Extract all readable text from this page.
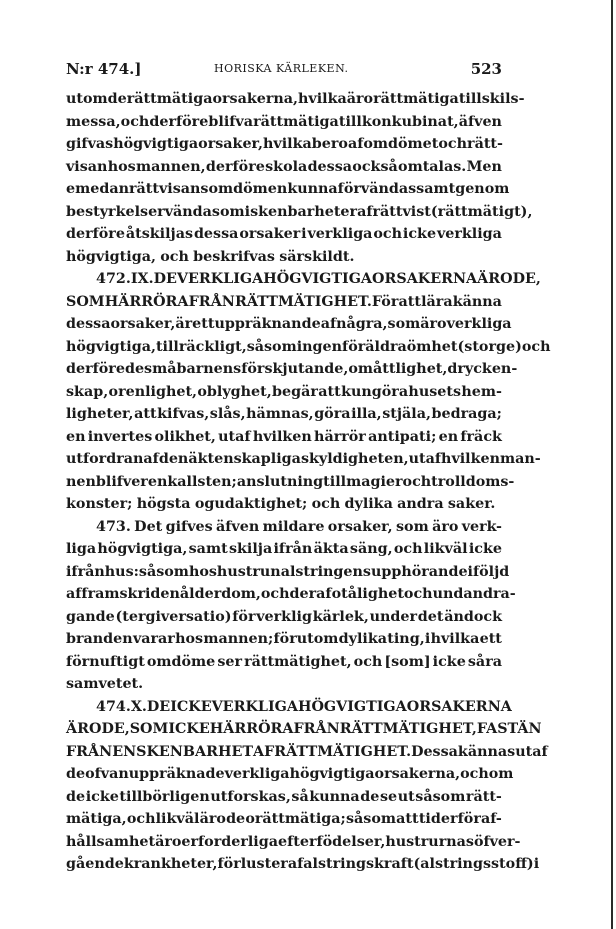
N:r 474.]	HORISKA KÄRLEKEN.	523
utom de rättmätiga orsakerna, hvilka äro rättmätiga till skils-
messa, och derföre blifva rättmätiga till konkubinat, äfven
gifvas högvigtiga orsaker, hvilka bero af omdömet och rätt-
visan hos mannen, derföre skola dessa också omtalas. Men
emedan rättvisans omdömen kunna förvändas samt genom
bestyrkelser vändas om i skenbarheter af rättvist (rättmätigt),
derföre åtskiljas dessa orsaker i verkliga och icke verkliga
högvigtiga, och beskrifvas särskildt.
472. IX. DE VERKLIGA HÖGVIGTIGA ORSAKERNA ÄRO DE,
SOM HÄRRÖRA FRÅN RÄTTMÄTIGHET. För att lära känna
dessa orsaker, är ett uppräknande af några, som äro verkliga
högvigtiga, tillräckligt, såsom ingen föräldraömhet (storge) och
derföre de små barnens förskjutande, omåttlighet, drycken-
skap, orenlighet, oblyghet, begär att kungöra husets hem-
ligheter, att kifvas, slås, hämnas, göra illa, stjäla, bedraga;
en invertes olikhet, utaf hvilken härrör antipati; en fräck
utfordran af den äktenskapliga skyldigheten, utaf hvilken man-
nen blifver en kall sten; anslutning till magier och trolldoms-
konster; högsta ogudaktighet; och dylika andra saker.
473. Det gifves äfven mildare orsaker, som äro verk-
liga högvigtiga, samt skilja ifrån äkta säng, och likväl icke
ifrån hus: såsom hos hustrun alstringens upphörande i följd
af framskriden ålderdom, och deraf otålighet och undandra-
gande (tergiversatio) för verklig kärlek, under det ändock
branden varar hos mannen; förutom dylika ting, i hvilka ett
förnuftigt omdöme ser rättmätighet, och [som] icke såra
samvetet.
474. X. DE ICKE VERKLIGA HÖGVIGTIGA ORSAKERNA
ÄRO DE, SOM ICKE HÄRRÖRA FRÅN RÄTTMÄTIGHET, FASTÄN
FRÅN EN SKENBARHET AF RÄTTMÄTIGHET. Dessa kännas utaf
de ofvan uppräknade verkliga högvigtiga orsakerna, och om
de icke tillbörligen utforskas, så kunna de se ut såsom rätt-
mätiga, och likväl äro de orättmätiga; såsom att tider för af-
hållsamhet äro erforderliga efter födelser, hustrurnas öfver-
gående krankheter, förluster af alstringskraft (alstringsstoff) i
